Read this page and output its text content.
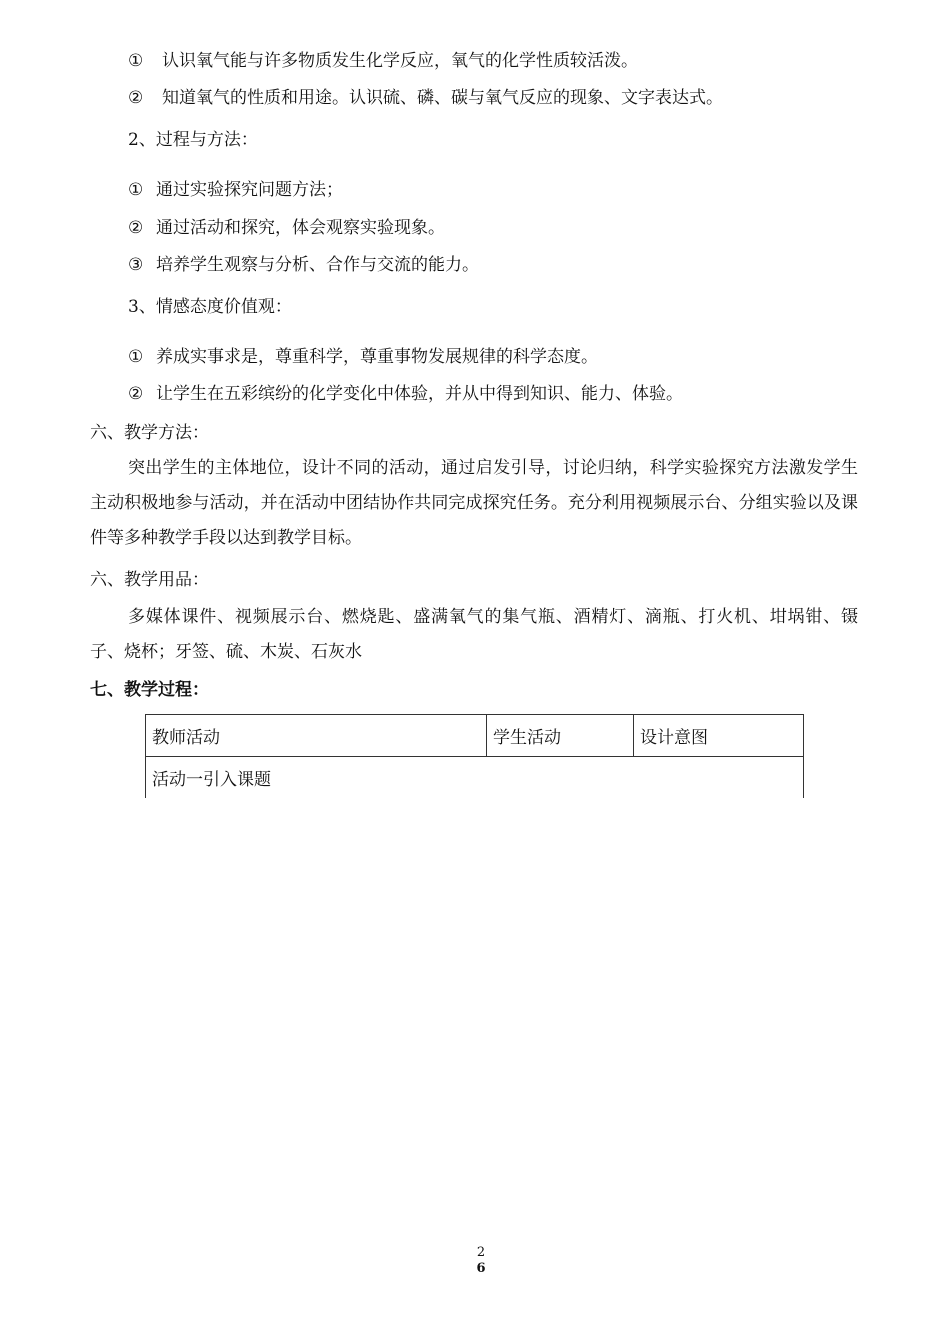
① 认识氧气能与许多物质发生化学反应，氧气的化学性质较活泼。
② 知道氧气的性质和用途。认识硫、磷、碳与氧气反应的现象、文字表达式。
2、过程与方法：
① 通过实验探究问题方法；
② 通过活动和探究，体会观察实验现象。
③ 培养学生观察与分析、合作与交流的能力。
3、情感态度价值观：
① 养成实事求是，尊重科学，尊重事物发展规律的科学态度。
② 让学生在五彩缤纷的化学变化中体验，并从中得到知识、能力、体验。
六、教学方法：
突出学生的主体地位，设计不同的活动，通过启发引导，讨论归纳，科学实验探究方法激发学生主动积极地参与活动，并在活动中团结协作共同完成探究任务。充分利用视频展示台、分组实验以及课件等多种教学手段以达到教学目标。
六、教学用品：
多媒体课件、视频展示台、燃烧匙、盛满氧气的集气瓶、酒精灯、滴瓶、打火机、坩埚钳、镊子、烧杯；牙签、硫、木炭、石灰水
七、教学过程：
教师活动	学生活动	设计意图
活动一引入课题
2
6
